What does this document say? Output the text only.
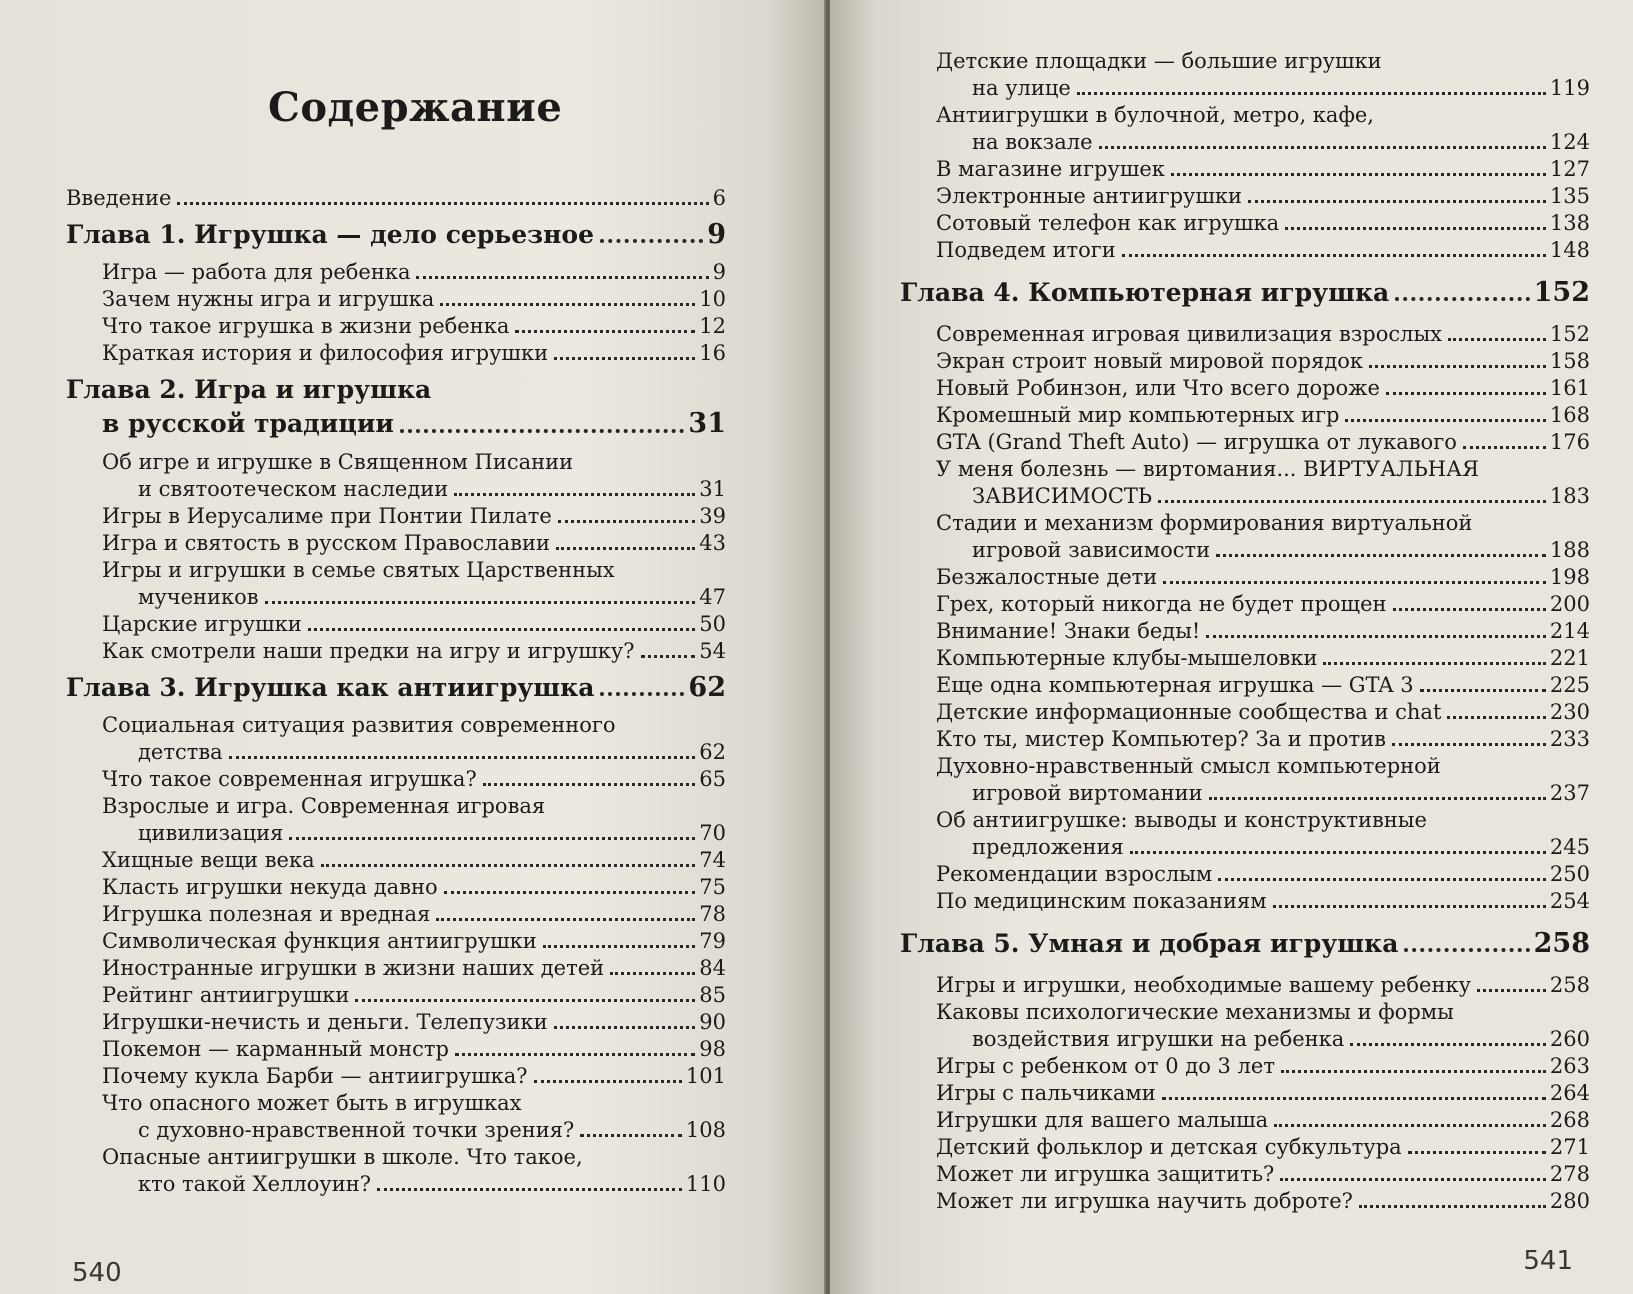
Содержание
Введение	6
Глава 1. Игрушка — дело серьезное	9
Игра — работа для ребенка	9
Зачем нужны игра и игрушка	10
Что такое игрушка в жизни ребенка	12
Краткая история и философия игрушки	16
Глава 2. Игра и игрушка
в русской традиции	31
Об игре и игрушке в Священном Писании
и святоотеческом наследии	31
Игры в Иерусалиме при Понтии Пилате	39
Игра и святость в русском Православии	43
Игры и игрушки в семье святых Царственных
мучеников	47
Царские игрушки	50
Как смотрели наши предки на игру и игрушку?	54
Глава 3. Игрушка как антиигрушка	62
Социальная ситуация развития современного
детства	62
Что такое современная игрушка?	65
Взрослые и игра. Современная игровая
цивилизация	70
Хищные вещи века	74
Класть игрушки некуда давно	75
Игрушка полезная и вредная	78
Символическая функция антиигрушки	79
Иностранные игрушки в жизни наших детей	84
Рейтинг антиигрушки	85
Игрушки-нечисть и деньги. Телепузики	90
Покемон — карманный монстр	98
Почему кукла Барби — антиигрушка?	101
Что опасного может быть в игрушках
с духовно-нравственной точки зрения?	108
Опасные антиигрушки в школе. Что такое,
кто такой Хеллоуин?	110
540
Детские площадки — большие игрушки
на улице	119
Антиигрушки в булочной, метро, кафе,
на вокзале	124
В магазине игрушек	127
Электронные антиигрушки	135
Сотовый телефон как игрушка	138
Подведем итоги	148
Глава 4. Компьютерная игрушка	152
Современная игровая цивилизация взрослых	152
Экран строит новый мировой порядок	158
Новый Робинзон, или Что всего дороже	161
Кромешный мир компьютерных игр	168
GTA (Grand Theft Auto) — игрушка от лукавого	176
У меня болезнь — виртомания... ВИРТУАЛЬНАЯ
ЗАВИСИМОСТЬ	183
Стадии и механизм формирования виртуальной
игровой зависимости	188
Безжалостные дети	198
Грех, который никогда не будет прощен	200
Внимание! Знаки беды!	214
Компьютерные клубы-мышеловки	221
Еще одна компьютерная игрушка — GTA 3	225
Детские информационные сообщества и chat	230
Кто ты, мистер Компьютер? За и против	233
Духовно-нравственный смысл компьютерной
игровой виртомании	237
Об антиигрушке: выводы и конструктивные
предложения	245
Рекомендации взрослым	250
По медицинским показаниям	254
Глава 5. Умная и добрая игрушка	258
Игры и игрушки, необходимые вашему ребенку	258
Каковы психологические механизмы и формы
воздействия игрушки на ребенка	260
Игры с ребенком от 0 до 3 лет	263
Игры с пальчиками	264
Игрушки для вашего малыша	268
Детский фольклор и детская субкультура	271
Может ли игрушка защитить?	278
Может ли игрушка научить доброте?	280
541
